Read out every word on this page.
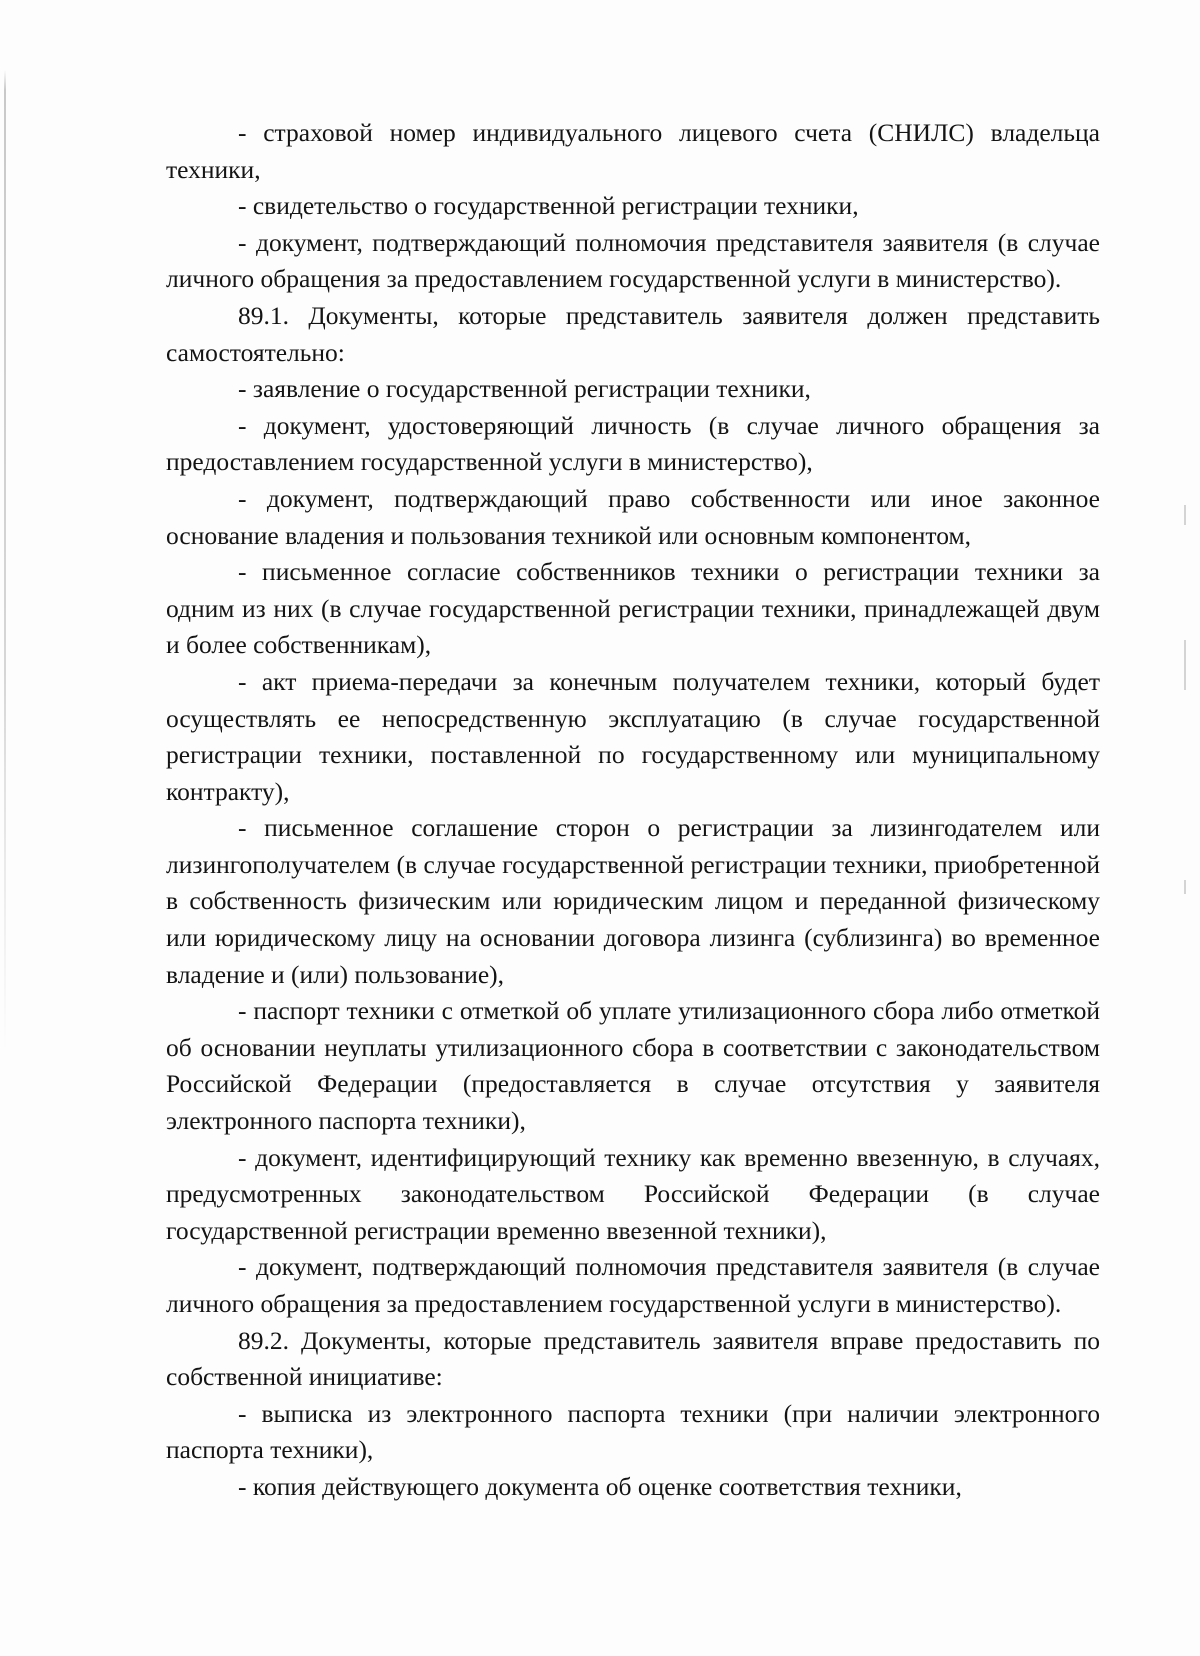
- страховой номер индивидуального лицевого счета (СНИЛС) владельца техники,

- свидетельство о государственной регистрации техники,

- документ, подтверждающий полномочия представителя заявителя (в случае личного обращения за предоставлением государственной услуги в министерство).

89.1. Документы, которые представитель заявителя должен представить самостоятельно:

- заявление о государственной регистрации техники,

- документ, удостоверяющий личность (в случае личного обращения за предоставлением государственной услуги в министерство),

- документ, подтверждающий право собственности или иное законное основание владения и пользования техникой или основным компонентом,

- письменное согласие собственников техники о регистрации техники за одним из них (в случае государственной регистрации техники, принадлежащей двум и более собственникам),

- акт приема-передачи за конечным получателем техники, который будет осуществлять ее непосредственную эксплуатацию (в случае государственной регистрации техники, поставленной по государственному или муниципальному контракту),

- письменное соглашение сторон о регистрации за лизингодателем или лизингополучателем (в случае государственной регистрации техники, приобретенной в собственность физическим или юридическим лицом и переданной физическому или юридическому лицу на основании договора лизинга (сублизинга) во временное владение и (или) пользование),

- паспорт техники с отметкой об уплате утилизационного сбора либо отметкой об основании неуплаты утилизационного сбора в соответствии с законодательством Российской Федерации (предоставляется в случае отсутствия у заявителя электронного паспорта техники),

- документ, идентифицирующий технику как временно ввезенную, в случаях, предусмотренных законодательством Российской Федерации (в случае государственной регистрации временно ввезенной техники),

- документ, подтверждающий полномочия представителя заявителя (в случае личного обращения за предоставлением государственной услуги в министерство).

89.2. Документы, которые представитель заявителя вправе предоставить по собственной инициативе:

- выписка из электронного паспорта техники (при наличии электронного паспорта техники),

- копия действующего документа об оценке соответствия техники,
